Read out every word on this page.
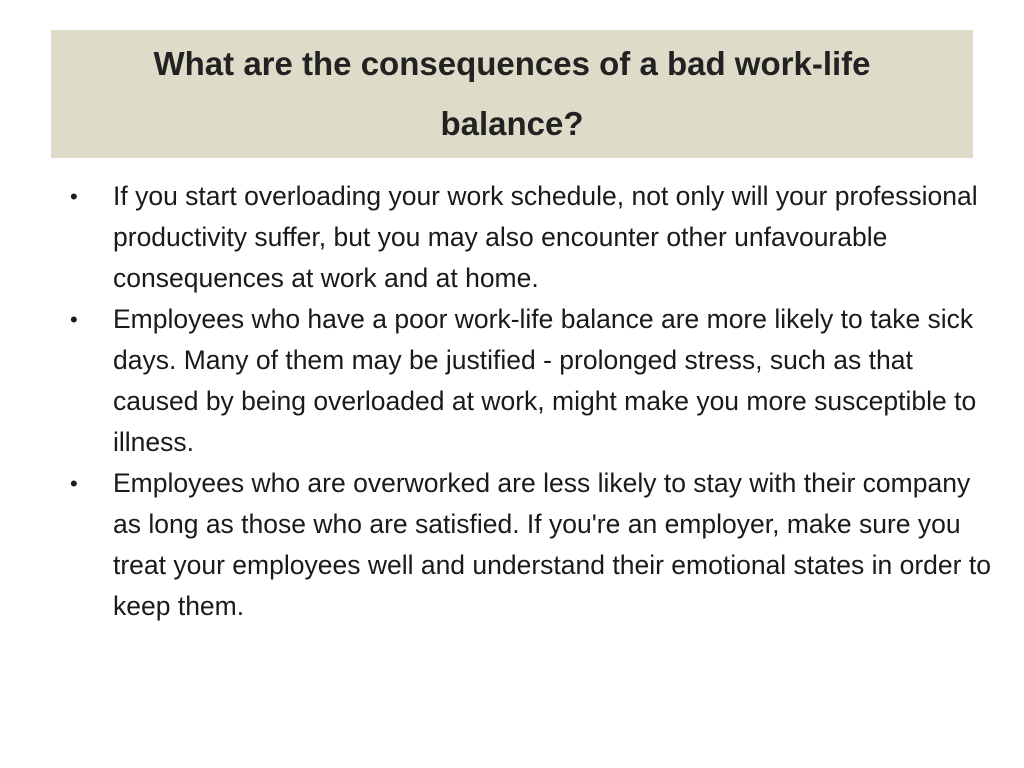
What are the consequences of a bad work-life balance?
• If you start overloading your work schedule, not only will your professional productivity suffer, but you may also encounter other unfavourable consequences at work and at home.
• Employees who have a poor work-life balance are more likely to take sick days. Many of them may be justified - prolonged stress, such as that caused by being overloaded at work, might make you more susceptible to illness.
• Employees who are overworked are less likely to stay with their company as long as those who are satisfied. If you're an employer, make sure you treat your employees well and understand their emotional states in order to keep them.
